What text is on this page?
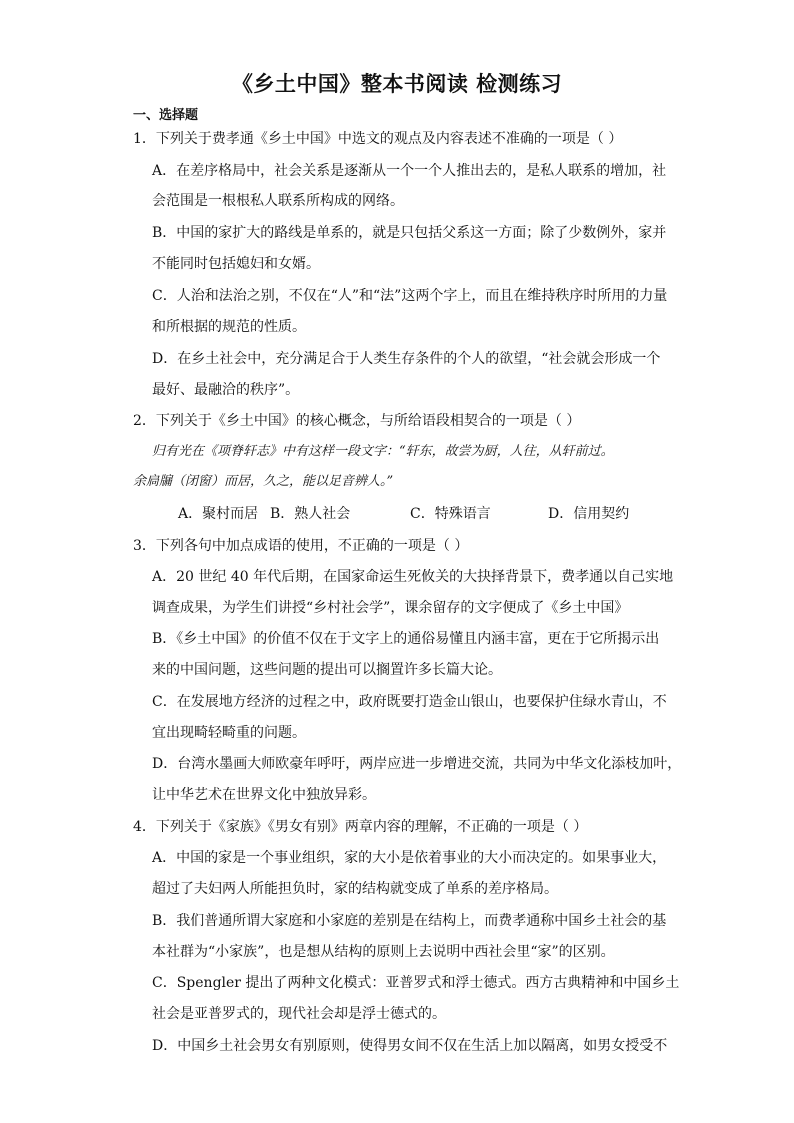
《乡土中国》整本书阅读 检测练习
一、选择题
1．下列关于费孝通《乡土中国》中选文的观点及内容表述不准确的一项是（ ）
A．在差序格局中，社会关系是逐渐从一个一个人推出去的，是私人联系的增加，社
会范围是一根根私人联系所构成的网络。
B．中国的家扩大的路线是单系的，就是只包括父系这一方面；除了少数例外，家并
不能同时包括媳妇和女婿。
C．人治和法治之别，不仅在“人”和“法”这两个字上，而且在维持秩序时所用的力量
和所根据的规范的性质。
D．在乡土社会中，充分满足合于人类生存条件的个人的欲望，“社会就会形成一个
最好、最融洽的秩序”。
2．下列关于《乡土中国》的核心概念，与所给语段相契合的一项是（ ）
归有光在《项脊轩志》中有这样一段文字：“轩东，故尝为厨，人往，从轩前过。
余扃牖（闭窗）而居，久之，能以足音辨人。”
A．聚村而居 B．熟人社会	C．特殊语言	D．信用契约
3．下列各句中加点成语的使用，不正确的一项是（ ）
A．20 世纪 40 年代后期，在国家命运生死攸关的大抉择背景下，费孝通以自己实地
调查成果，为学生们讲授“乡村社会学”，课余留存的文字便成了《乡土中国》
B．《乡土中国》的价值不仅在于文字上的通俗易懂且内涵丰富，更在于它所揭示出
来的中国问题，这些问题的提出可以搁置许多长篇大论。
C．在发展地方经济的过程之中，政府既要打造金山银山，也要保护住绿水青山，不
宜出现畸轻畸重的问题。
D．台湾水墨画大师欧豪年呼吁，两岸应进一步增进交流，共同为中华文化添枝加叶，
让中华艺术在世界文化中独放异彩。
4．下列关于《家族》《男女有别》两章内容的理解，不正确的一项是（ ）
A．中国的家是一个事业组织，家的大小是依着事业的大小而决定的。如果事业大，
超过了夫妇两人所能担负时，家的结构就变成了单系的差序格局。
B．我们普通所谓大家庭和小家庭的差别是在结构上，而费孝通称中国乡土社会的基
本社群为“小家族”，也是想从结构的原则上去说明中西社会里“家”的区别。
C．Spengler 提出了两种文化模式：亚普罗式和浮士德式。西方古典精神和中国乡土
社会是亚普罗式的，现代社会却是浮士德式的。
D．中国乡土社会男女有别原则，使得男女间不仅在生活上加以隔离，如男女授受不
